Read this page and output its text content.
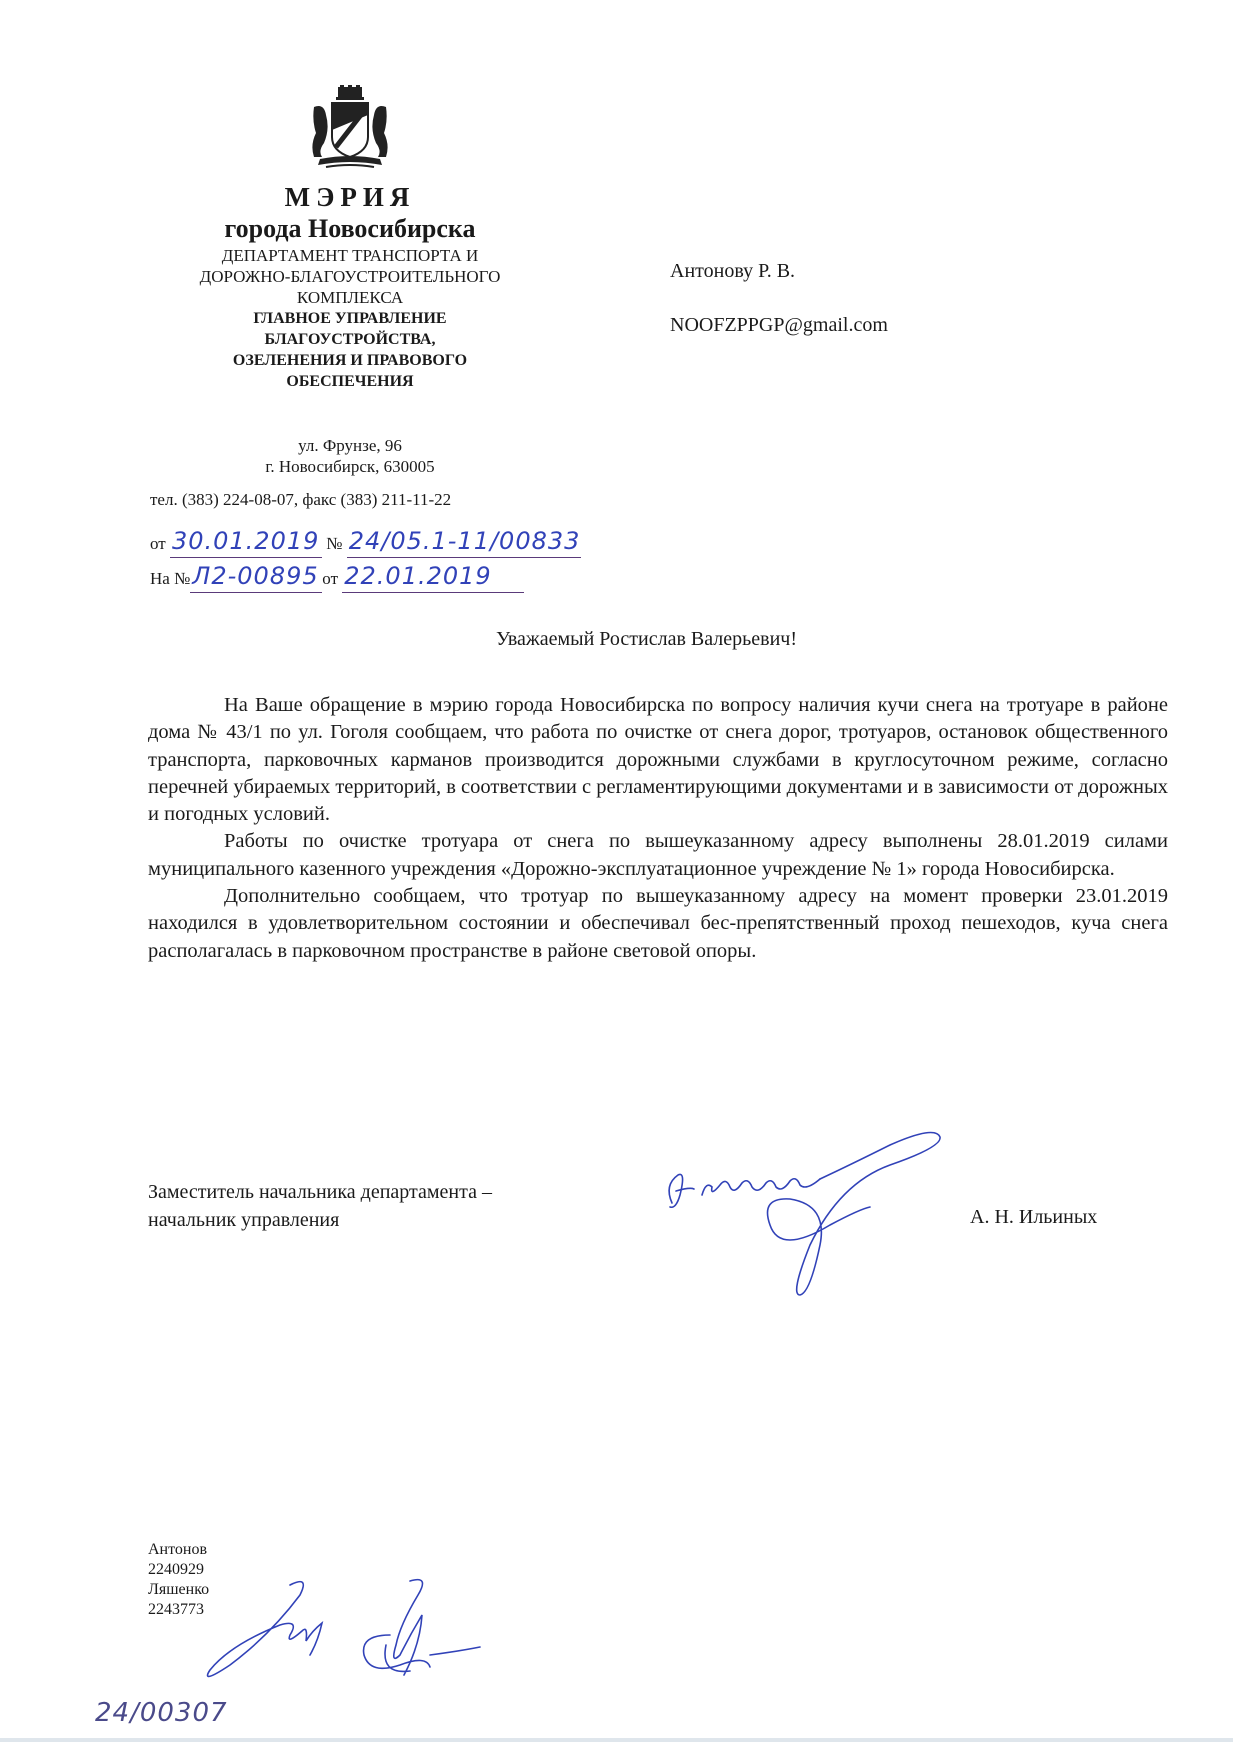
МЭРИЯ
города Новосибирска
ДЕПАРТАМЕНТ ТРАНСПОРТА И
ДОРОЖНО-БЛАГОУСТРОИТЕЛЬНОГО
КОМПЛЕКСА
ГЛАВНОЕ УПРАВЛЕНИЕ
БЛАГОУСТРОЙСТВА,
ОЗЕЛЕНЕНИЯ И ПРАВОВОГО
ОБЕСПЕЧЕНИЯ
ул. Фрунзе, 96
г. Новосибирск, 630005
тел. (383) 224-08-07, факс (383) 211-11-22
от 30.01.2019 № 24/05.1-11/00833
На №Л2-00895 от 22.01.2019
Антонову Р. В.
NOOFZPPGP@gmail.com
Уважаемый Ростислав Валерьевич!

На Ваше обращение в мэрию города Новосибирска по вопросу наличия кучи снега на тротуаре в районе дома № 43/1 по ул. Гоголя сообщаем, что работа по очистке от снега дорог, тротуаров, остановок общественного транспорта, парковочных карманов производится дорожными службами в круглосуточном режиме, согласно перечней убираемых территорий, в соответствии с регламентирующими документами и в зависимости от дорожных и погодных условий.

Работы по очистке тротуара от снега по вышеуказанному адресу выполнены 28.01.2019 силами муниципального казенного учреждения «Дорожно-эксплуатационное учреждение № 1» города Новосибирска.

Дополнительно сообщаем, что тротуар по вышеуказанному адресу на момент проверки 23.01.2019 находился в удовлетворительном состоянии и обеспечивал бес-препятственный проход пешеходов, куча снега располагалась в парковочном пространстве в районе световой опоры.

Заместитель начальника департамента –
начальник управления	А. Н. Ильиных
Антонов
2240929
Ляшенко
2243773
24/00307
